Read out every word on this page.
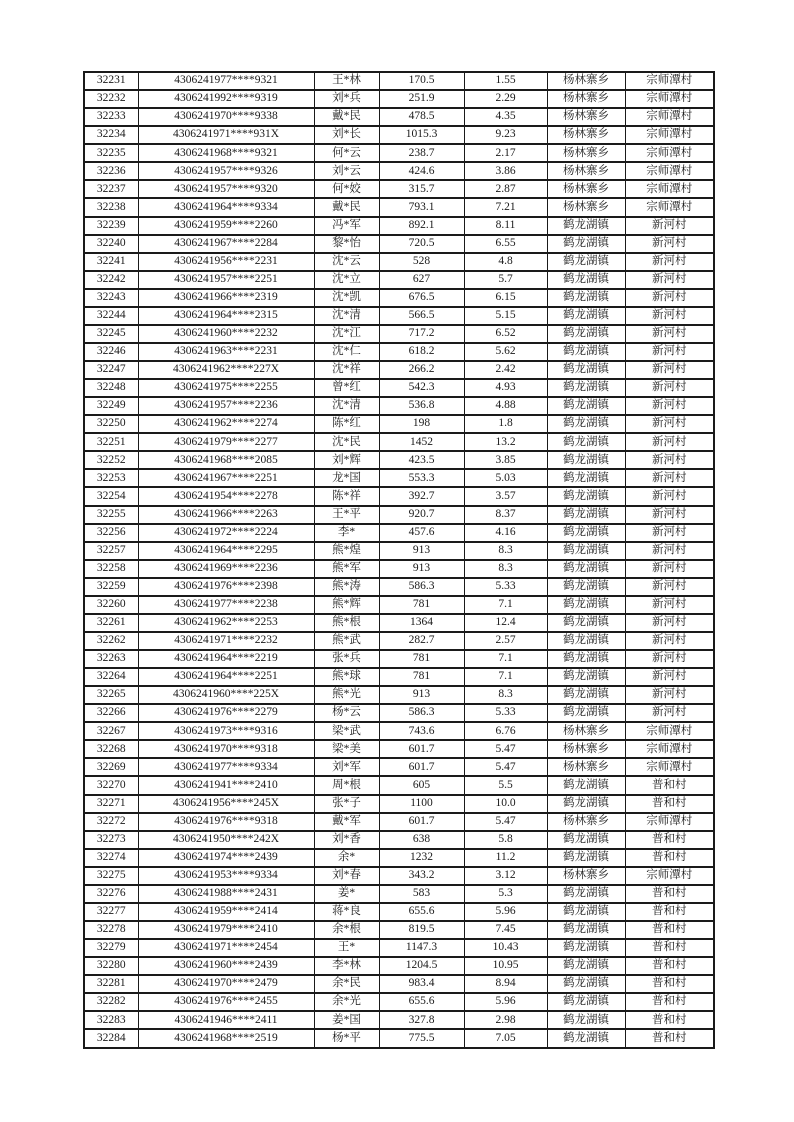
32231	4306241977****9321	王*林	170.5	1.55	杨林寨乡	宗师潭村
32232	4306241992****9319	刘*兵	251.9	2.29	杨林寨乡	宗师潭村
32233	4306241970****9338	戴*民	478.5	4.35	杨林寨乡	宗师潭村
32234	4306241971****931X	刘*长	1015.3	9.23	杨林寨乡	宗师潭村
32235	4306241968****9321	何*云	238.7	2.17	杨林寨乡	宗师潭村
32236	4306241957****9326	刘*云	424.6	3.86	杨林寨乡	宗师潭村
32237	4306241957****9320	何*姣	315.7	2.87	杨林寨乡	宗师潭村
32238	4306241964****9334	戴*民	793.1	7.21	杨林寨乡	宗师潭村
32239	4306241959****2260	冯*军	892.1	8.11	鹤龙湖镇	新河村
32240	4306241967****2284	黎*怡	720.5	6.55	鹤龙湖镇	新河村
32241	4306241956****2231	沈*云	528	4.8	鹤龙湖镇	新河村
32242	4306241957****2251	沈*立	627	5.7	鹤龙湖镇	新河村
32243	4306241966****2319	沈*凯	676.5	6.15	鹤龙湖镇	新河村
32244	4306241964****2315	沈*清	566.5	5.15	鹤龙湖镇	新河村
32245	4306241960****2232	沈*江	717.2	6.52	鹤龙湖镇	新河村
32246	4306241963****2231	沈*仁	618.2	5.62	鹤龙湖镇	新河村
32247	4306241962****227X	沈*祥	266.2	2.42	鹤龙湖镇	新河村
32248	4306241975****2255	曾*红	542.3	4.93	鹤龙湖镇	新河村
32249	4306241957****2236	沈*清	536.8	4.88	鹤龙湖镇	新河村
32250	4306241962****2274	陈*红	198	1.8	鹤龙湖镇	新河村
32251	4306241979****2277	沈*民	1452	13.2	鹤龙湖镇	新河村
32252	4306241968****2085	刘*辉	423.5	3.85	鹤龙湖镇	新河村
32253	4306241967****2251	龙*国	553.3	5.03	鹤龙湖镇	新河村
32254	4306241954****2278	陈*祥	392.7	3.57	鹤龙湖镇	新河村
32255	4306241966****2263	王*平	920.7	8.37	鹤龙湖镇	新河村
32256	4306241972****2224	李*	457.6	4.16	鹤龙湖镇	新河村
32257	4306241964****2295	熊*煌	913	8.3	鹤龙湖镇	新河村
32258	4306241969****2236	熊*军	913	8.3	鹤龙湖镇	新河村
32259	4306241976****2398	熊*涛	586.3	5.33	鹤龙湖镇	新河村
32260	4306241977****2238	熊*辉	781	7.1	鹤龙湖镇	新河村
32261	4306241962****2253	熊*根	1364	12.4	鹤龙湖镇	新河村
32262	4306241971****2232	熊*武	282.7	2.57	鹤龙湖镇	新河村
32263	4306241964****2219	张*兵	781	7.1	鹤龙湖镇	新河村
32264	4306241964****2251	熊*球	781	7.1	鹤龙湖镇	新河村
32265	4306241960****225X	熊*光	913	8.3	鹤龙湖镇	新河村
32266	4306241976****2279	杨*云	586.3	5.33	鹤龙湖镇	新河村
32267	4306241973****9316	梁*武	743.6	6.76	杨林寨乡	宗师潭村
32268	4306241970****9318	梁*美	601.7	5.47	杨林寨乡	宗师潭村
32269	4306241977****9334	刘*军	601.7	5.47	杨林寨乡	宗师潭村
32270	4306241941****2410	周*根	605	5.5	鹤龙湖镇	普和村
32271	4306241956****245X	张*子	1100	10.0	鹤龙湖镇	普和村
32272	4306241976****9318	戴*军	601.7	5.47	杨林寨乡	宗师潭村
32273	4306241950****242X	刘*香	638	5.8	鹤龙湖镇	普和村
32274	4306241974****2439	余*	1232	11.2	鹤龙湖镇	普和村
32275	4306241953****9334	刘*春	343.2	3.12	杨林寨乡	宗师潭村
32276	4306241988****2431	姜*	583	5.3	鹤龙湖镇	普和村
32277	4306241959****2414	蒋*良	655.6	5.96	鹤龙湖镇	普和村
32278	4306241979****2410	余*根	819.5	7.45	鹤龙湖镇	普和村
32279	4306241971****2454	王*	1147.3	10.43	鹤龙湖镇	普和村
32280	4306241960****2439	李*林	1204.5	10.95	鹤龙湖镇	普和村
32281	4306241970****2479	余*民	983.4	8.94	鹤龙湖镇	普和村
32282	4306241976****2455	余*光	655.6	5.96	鹤龙湖镇	普和村
32283	4306241946****2411	姜*国	327.8	2.98	鹤龙湖镇	普和村
32284	4306241968****2519	杨*平	775.5	7.05	鹤龙湖镇	普和村
